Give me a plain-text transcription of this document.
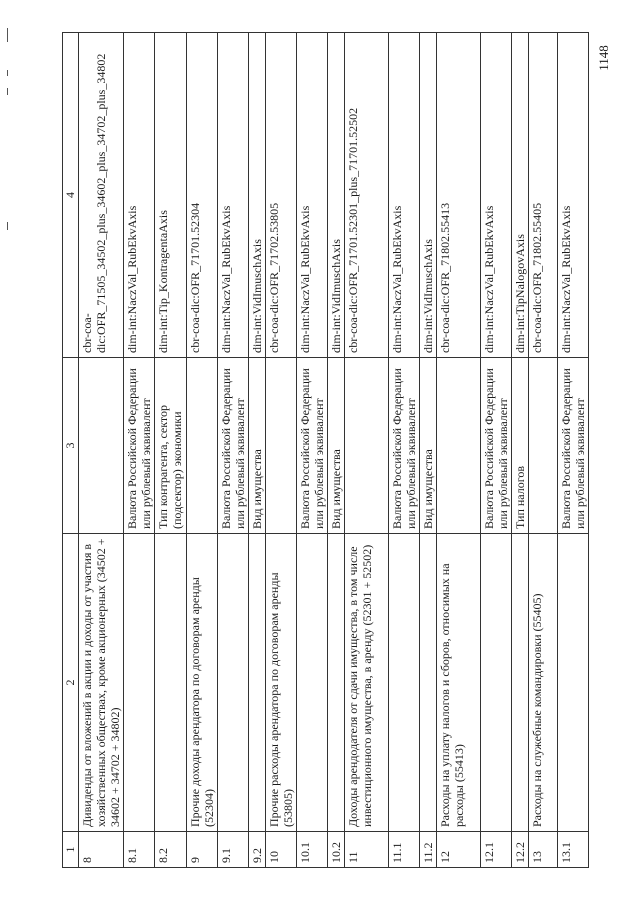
1148
1	2	3	4
8	Дивиденды от вложений в акции и доходы от участия в хозяйственных обществах, кроме акционерных (34502 + 34602 + 34702 + 34802)		cbr-coa-dic:OFR_71505_34502_plus_34602_plus_34702_plus_34802
8.1		Валюта Российской Федерации или рублевый эквивалент	dim-int:NaczVal_RubEkvAxis
8.2		Тип контрагента, сектор (подсектор) экономики	dim-int:Tip_KontragentaAxis
9	Прочие доходы арендатора по договорам аренды (52304)		cbr-coa-dic:OFR_71701.52304
9.1		Валюта Российской Федерации или рублевый эквивалент	dim-int:NaczVal_RubEkvAxis
9.2		Вид имущества	dim-int:VidImuschAxis
10	Прочие расходы арендатора по договорам аренды (53805)		cbr-coa-dic:OFR_71702.53805
10.1		Валюта Российской Федерации или рублевый эквивалент	dim-int:NaczVal_RubEkvAxis
10.2		Вид имущества	dim-int:VidImuschAxis
11	Доходы арендодателя от сдачи имущества, в том числе инвестиционного имущества, в аренду (52301 + 52502)		cbr-coa-dic:OFR_71701.52301_plus_71701.52502
11.1		Валюта Российской Федерации или рублевый эквивалент	dim-int:NaczVal_RubEkvAxis
11.2		Вид имущества	dim-int:VidImuschAxis
12	Расходы на уплату налогов и сборов, относимых на расходы (55413)		cbr-coa-dic:OFR_71802.55413
12.1		Валюта Российской Федерации или рублевый эквивалент	dim-int:NaczVal_RubEkvAxis
12.2		Тип налогов	dim-int:TipNalogovAxis
13	Расходы на служебные командировки (55405)		cbr-coa-dic:OFR_71802.55405
13.1		Валюта Российской Федерации или рублевый эквивалент	dim-int:NaczVal_RubEkvAxis
